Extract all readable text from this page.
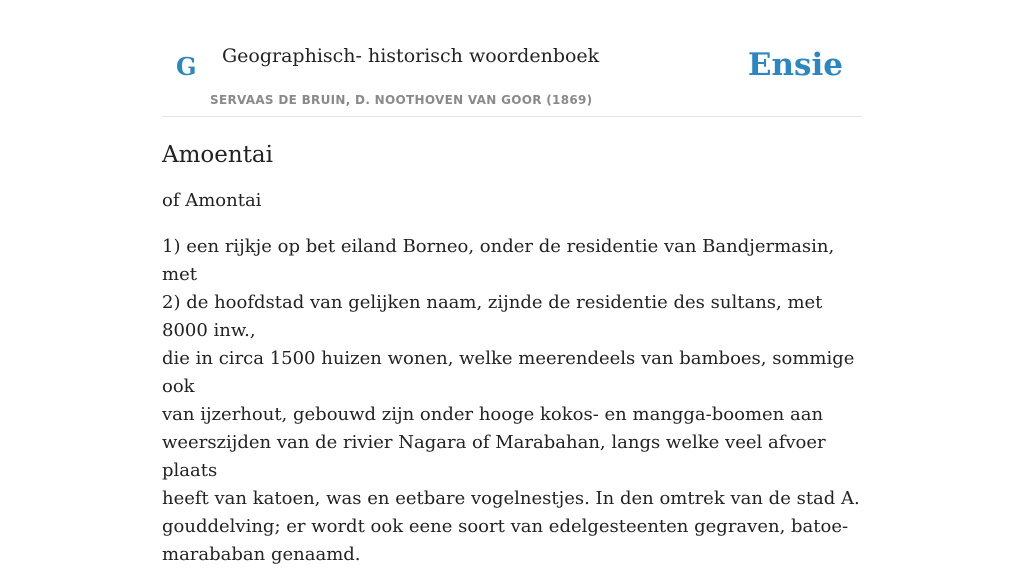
G Geographisch- historisch woordenboek
SERVAAS DE BRUIN, D. NOOTHOVEN VAN GOOR (1869)
Ensie
Amoentai

of Amontai

1) een rijkje op bet eiland Borneo, onder de residentie van Bandjermasin, met
2) de hoofdstad van gelijken naam, zijnde de residentie des sultans, met 8000 inw.,
die in circa 1500 huizen wonen, welke meerendeels van bamboes, sommige ook
van ijzerhout, gebouwd zijn onder hooge kokos- en mangga-boomen aan
weerszijden van de rivier Nagara of Marabahan, langs welke veel afvoer plaats
heeft van katoen, was en eetbare vogelnestjes. In den omtrek van de stad A.
gouddelving; er wordt ook eene soort van edelgesteenten gegraven, batoe-
marababan genaamd.
